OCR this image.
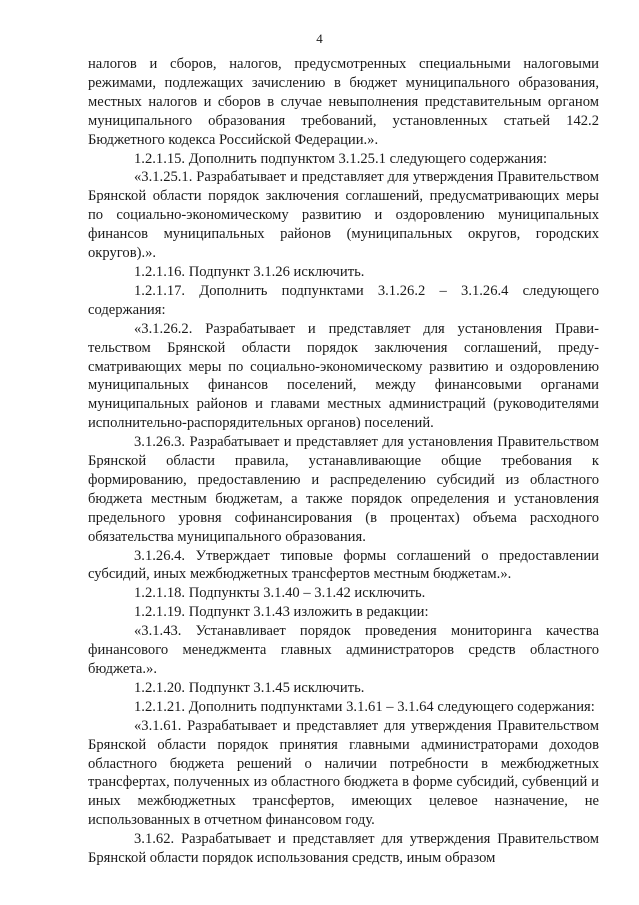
4

налогов и сборов, налогов, предусмотренных специальными налоговыми режимами, подлежащих зачислению в бюджет муниципального образования, местных налогов и сборов в случае невыполнения представительным органом муниципального образования требований, установленных статьей 142.2 Бюджетного кодекса Российской Федерации.».

1.2.1.15. Дополнить подпунктом 3.1.25.1 следующего содержания:

«3.1.25.1. Разрабатывает и представляет для утверждения Правительством Брянской области порядок заключения соглашений, предусматривающих меры по социально-экономическому развитию и оздоровлению муниципальных финансов муниципальных районов (муниципальных округов, городских округов).».

1.2.1.16. Подпункт 3.1.26 исключить.

1.2.1.17. Дополнить подпунктами 3.1.26.2 – 3.1.26.4 следующего содержания:

«3.1.26.2. Разрабатывает и представляет для установления Правительством Брянской области порядок заключения соглашений, предусматривающих меры по социально-экономическому развитию и оздоровлению муниципальных финансов поселений, между финансовыми органами муниципальных районов и главами местных администраций (руководителями исполнительно-распорядительных органов) поселений.

3.1.26.3. Разрабатывает и представляет для установления Правительством Брянской области правила, устанавливающие общие требования к формированию, предоставлению и распределению субсидий из областного бюджета местным бюджетам, а также порядок определения и установления предельного уровня софинансирования (в процентах) объема расходного обязательства муниципального образования.

3.1.26.4. Утверждает типовые формы соглашений о предоставлении субсидий, иных межбюджетных трансфертов местным бюджетам.».

1.2.1.18. Подпункты 3.1.40 – 3.1.42 исключить.

1.2.1.19. Подпункт 3.1.43 изложить в редакции:

«3.1.43. Устанавливает порядок проведения мониторинга качества финансового менеджмента главных администраторов средств областного бюджета.».

1.2.1.20. Подпункт 3.1.45 исключить.

1.2.1.21. Дополнить подпунктами 3.1.61 – 3.1.64 следующего содержания:

«3.1.61. Разрабатывает и представляет для утверждения Правительством Брянской области порядок принятия главными администраторами доходов областного бюджета решений о наличии потребности в межбюджетных трансфертах, полученных из областного бюджета в форме субсидий, субвенций и иных межбюджетных трансфертов, имеющих целевое назначение, не использованных в отчетном финансовом году.

3.1.62. Разрабатывает и представляет для утверждения Правительством Брянской области порядок использования средств, иным образом
